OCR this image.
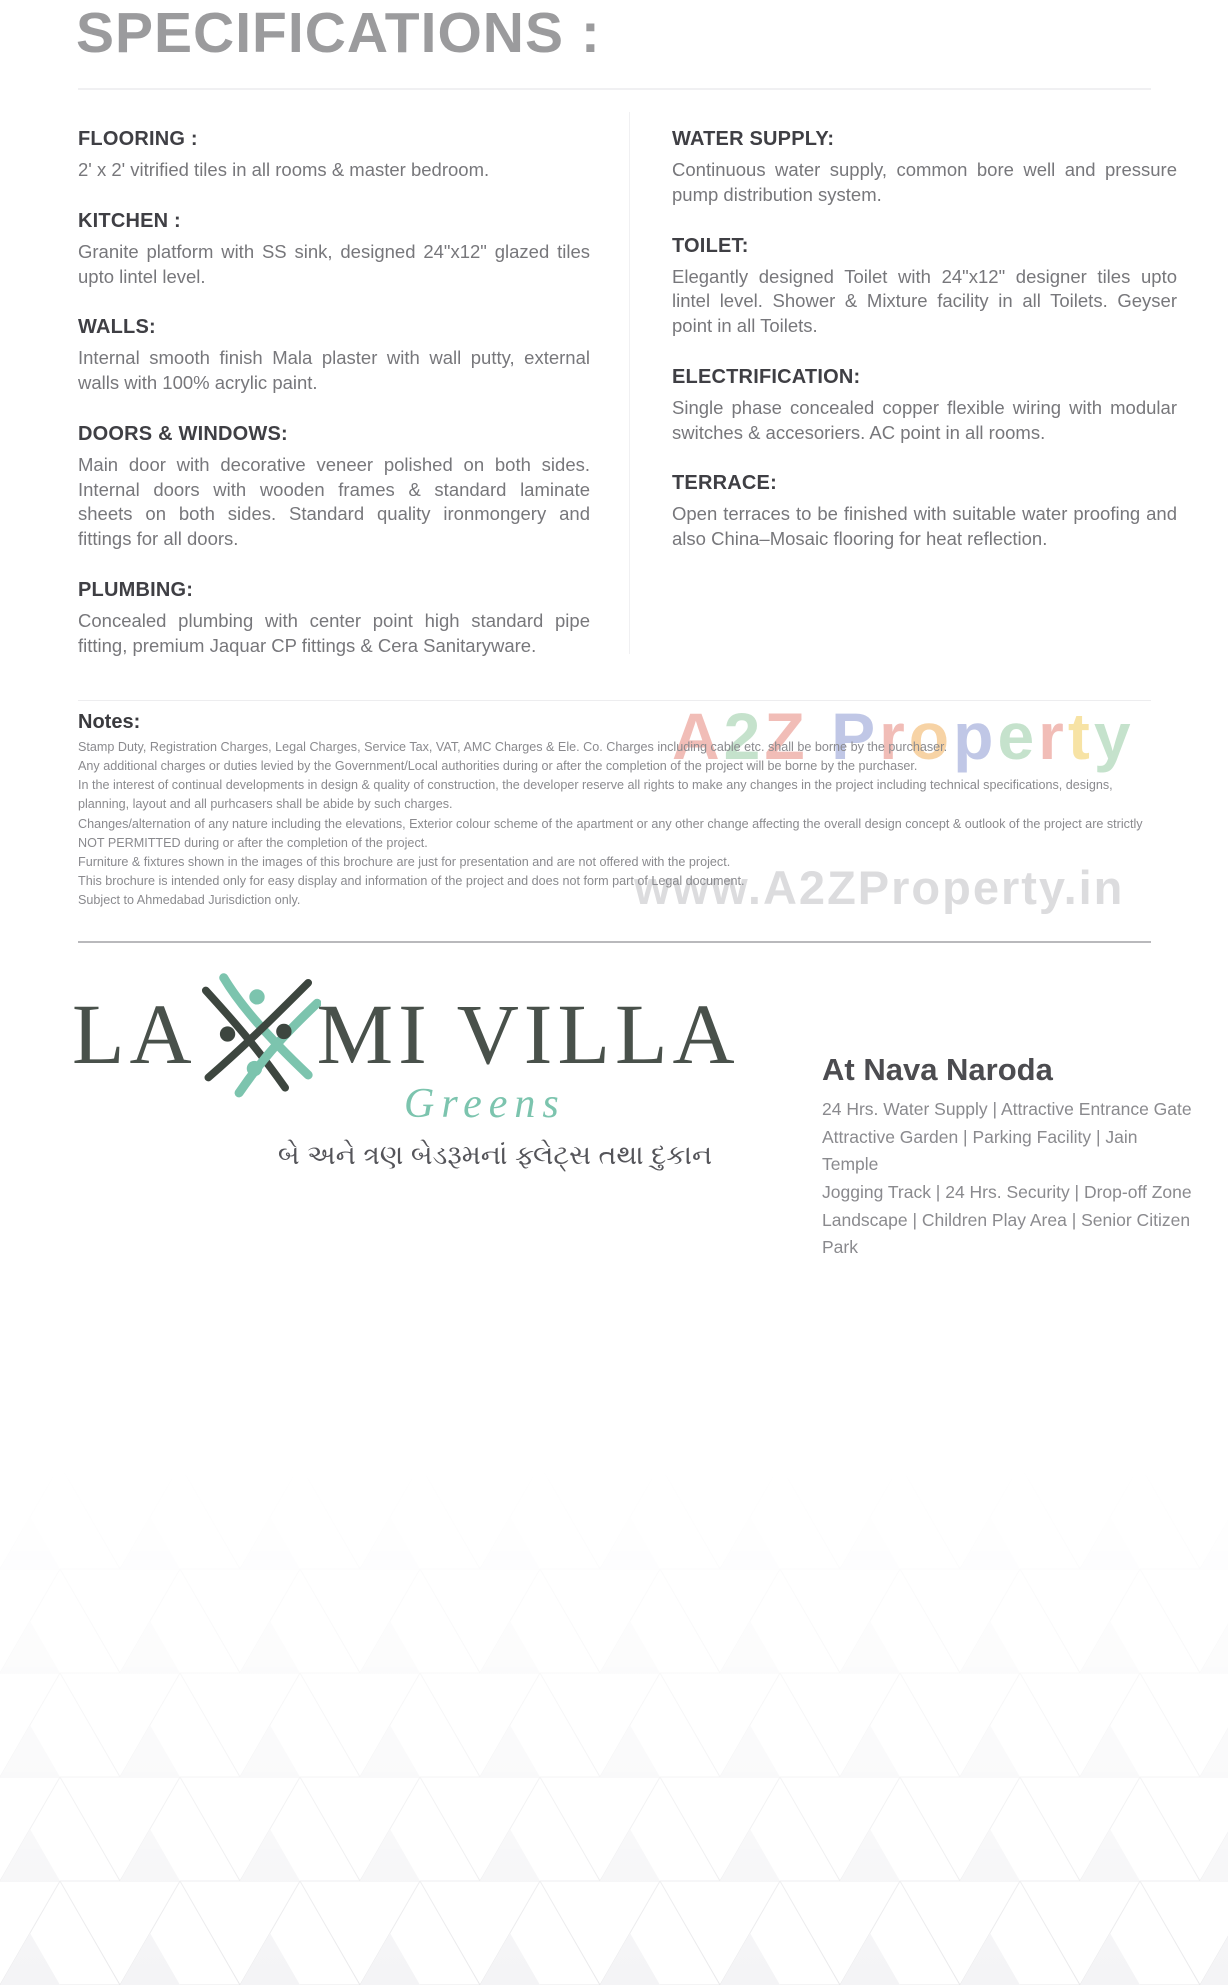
SPECIFICATIONS :
FLOORING :

2' x 2' vitrified tiles in all rooms & master bedroom.

KITCHEN :

Granite platform with SS sink, designed 24"x12" glazed tiles upto lintel level.

WALLS:

Internal smooth finish Mala plaster with wall putty, external walls with 100% acrylic paint.

DOORS & WINDOWS:

Main door with decorative veneer polished on both sides. Internal doors with wooden frames & standard laminate sheets on both sides. Standard quality ironmongery and fittings for all doors.

PLUMBING:

Concealed plumbing with center point high standard pipe fitting, premium Jaquar CP fittings & Cera Sanitaryware.

WATER SUPPLY:

Continuous water supply, common bore well and pressure pump distribution system.

TOILET:

Elegantly designed Toilet with 24"x12" designer tiles upto lintel level. Shower & Mixture facility in all Toilets. Geyser point in all Toilets.

ELECTRIFICATION:

Single phase concealed copper flexible wiring with modular switches & accesoriers. AC point in all rooms.

TERRACE:

Open terraces to be finished with suitable water proofing and also China–Mosaic flooring for heat reflection.

A2Z Property
www.A2ZProperty.in
Notes:

Stamp Duty, Registration Charges, Legal Charges, Service Tax, VAT, AMC Charges & Ele. Co. Charges including cable etc. shall be borne by the purchaser.

Any additional charges or duties levied by the Government/Local authorities during or after the completion of the project will be borne by the purchaser.

In the interest of continual developments in design & quality of construction, the developer reserve all rights to make any changes in the project including technical specifications, designs, planning, layout and all purhcasers shall be abide by such charges.

Changes/alternation of any nature including the elevations, Exterior colour scheme of the apartment or any other change affecting the overall design concept & outlook of the project are strictly NOT PERMITTED during or after the completion of the project.

Furniture & fixtures shown in the images of this brochure are just for presentation and are not offered with the project.

This brochure is intended only for easy display and information of the project and does not form part of Legal document.

Subject to Ahmedabad Jurisdiction only.

LA MI VILLA
Greens
બે અને ત્રણ બેડરૂમનાં ફ્લેટ્સ તથા દુકાન
At Nava Naroda
24 Hrs. Water Supply | Attractive Entrance Gate
Attractive Garden | Parking Facility | Jain Temple
Jogging Track | 24 Hrs. Security | Drop-off Zone
Landscape | Children Play Area | Senior Citizen Park
